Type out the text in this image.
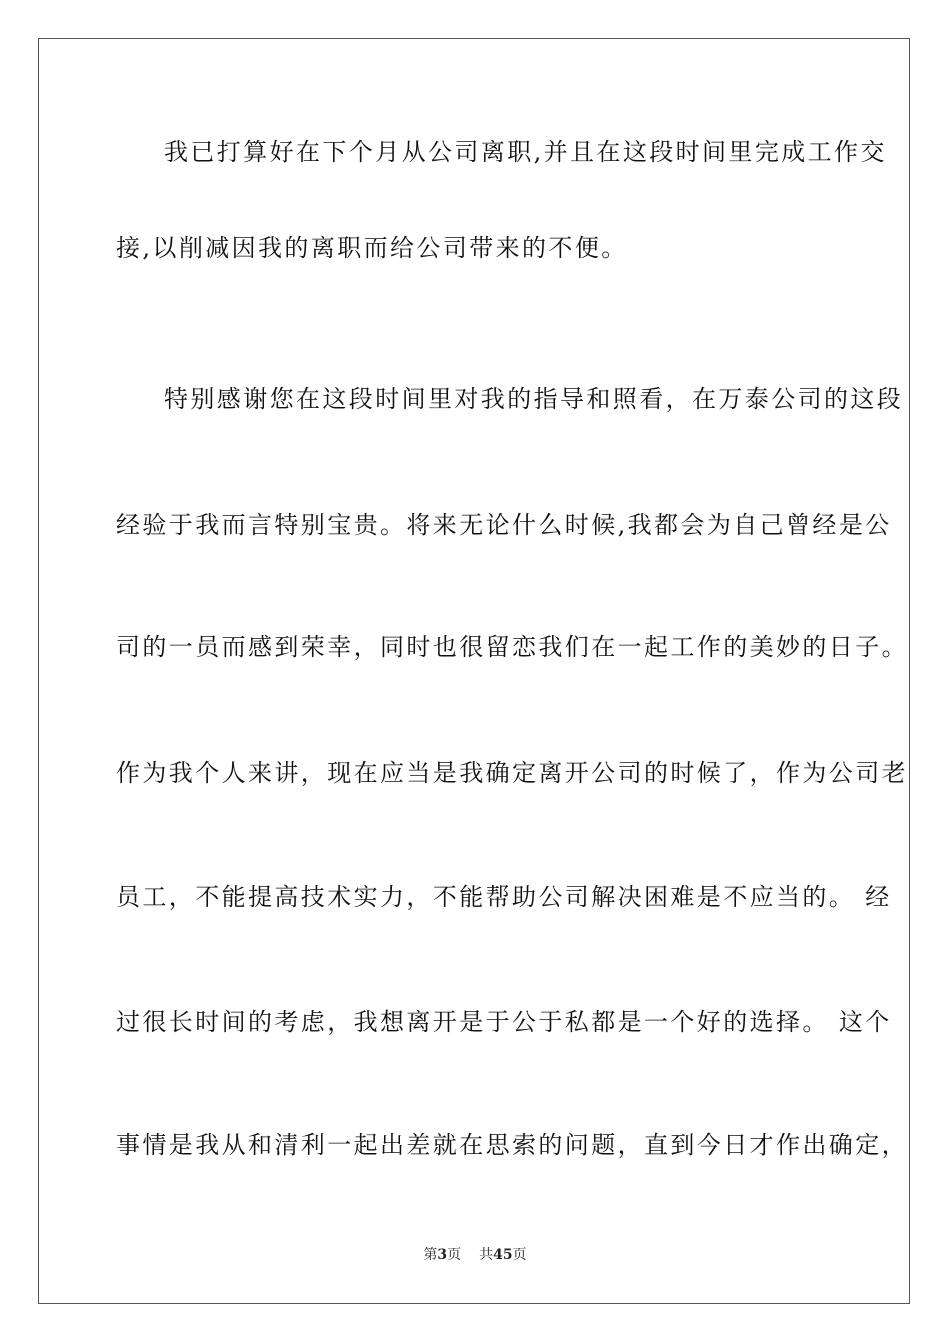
我已打算好在下个月从公司离职,并且在这段时间里完成工作交
接,以削减因我的离职而给公司带来的不便。
特别感谢您在这段时间里对我的指导和照看，在万泰公司的这段
经验于我而言特别宝贵。将来无论什么时候,我都会为自己曾经是公
司的一员而感到荣幸，同时也很留恋我们在一起工作的美妙的日子。
作为我个人来讲，现在应当是我确定离开公司的时候了，作为公司老
员工，不能提高技术实力，不能帮助公司解决困难是不应当的。 经
过很长时间的考虑，我想离开是于公于私都是一个好的选择。 这个
事情是我从和清利一起出差就在思索的问题，直到今日才作出确定，
第3页 共45页
